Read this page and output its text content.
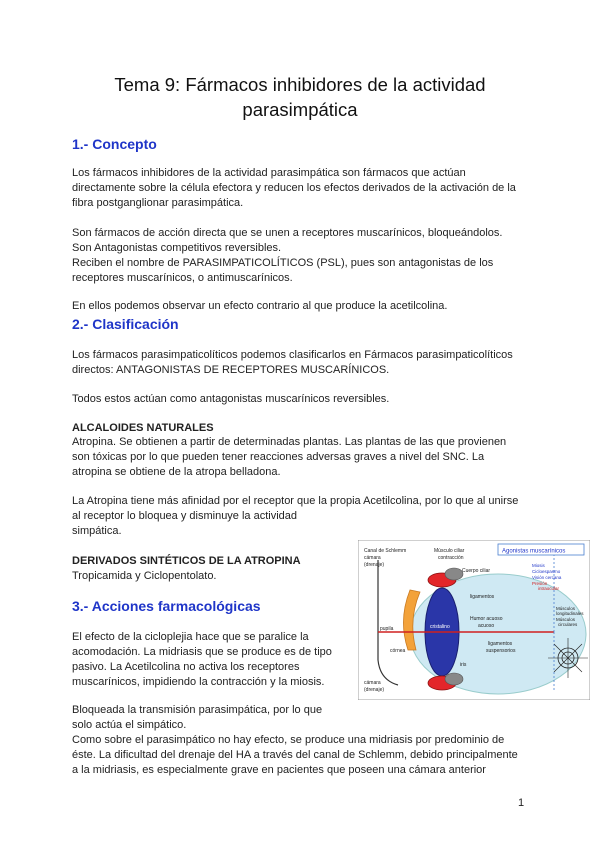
Tema 9: Fármacos inhibidores de la actividad
parasimpática
1.- Concepto
Los fármacos inhibidores de la actividad parasimpática son fármacos que actúan
directamente sobre la célula efectora y reducen los efectos derivados de la activación de la
fibra postganglionar parasimpática.
Son fármacos de acción directa que se unen a receptores muscarínicos, bloqueándolos.
Son Antagonistas competitivos reversibles.
Reciben el nombre de PARASIMPATICOLÍTICOS (PSL), pues son antagonistas de los
receptores muscarínicos, o antimuscarínicos.
En ellos podemos observar un efecto contrario al que produce la acetilcolina.
2.- Clasificación
Los fármacos parasimpaticolíticos podemos clasificarlos en Fármacos parasimpaticolíticos
directos: ANTAGONISTAS DE RECEPTORES MUSCARÍNICOS.
Todos estos actúan como antagonistas muscarínicos reversibles.
ALCALOIDES NATURALES
Atropina. Se obtienen a partir de determinadas plantas. Las plantas de las que provienen
son tóxicas por lo que pueden tener reacciones adversas graves a nivel del SNC. La
atropina se obtiene de la atropa belladona.
La Atropina tiene más afinidad por el receptor que la propia Acetilcolina, por lo que al unirse
al receptor lo bloquea y disminuye la actividad
simpática.
DERIVADOS SINTÉTICOS DE LA ATROPINA
Tropicamida y Ciclopentolato.
3.- Acciones farmacológicas
El efecto de la cicloplejia hace que se paralice la
acomodación. La midriasis que se produce es de tipo
pasivo. La Acetilcolina no activa los receptores
muscarínicos, impidiendo la contracción y la miosis.
Bloqueada la transmisión parasimpática, por lo que
solo actúa el simpático.
Como sobre el parasimpático no hay efecto, se produce una midriasis por predominio de
éste. La dificultad del drenaje del HA a través del canal de Schlemm, debido principalmente
a la midriasis, es especialmente grave en pacientes que poseen una cámara anterior
Agonistas muscarínicos
Miosis
Cicloespasmo
Visión cercana
Presión
intraocular
Canal de Schlemm
cámara
(drenaje)
Músculo ciliar
contracción
Cuerpo ciliar
ligamentos
pupila	cristalino
Humor acuoso
acuoso
ligamentos
suspensorios
córnea
iris
cámara
(drenaje)
Músculos
longitudinales
Músculos
circulares
1
